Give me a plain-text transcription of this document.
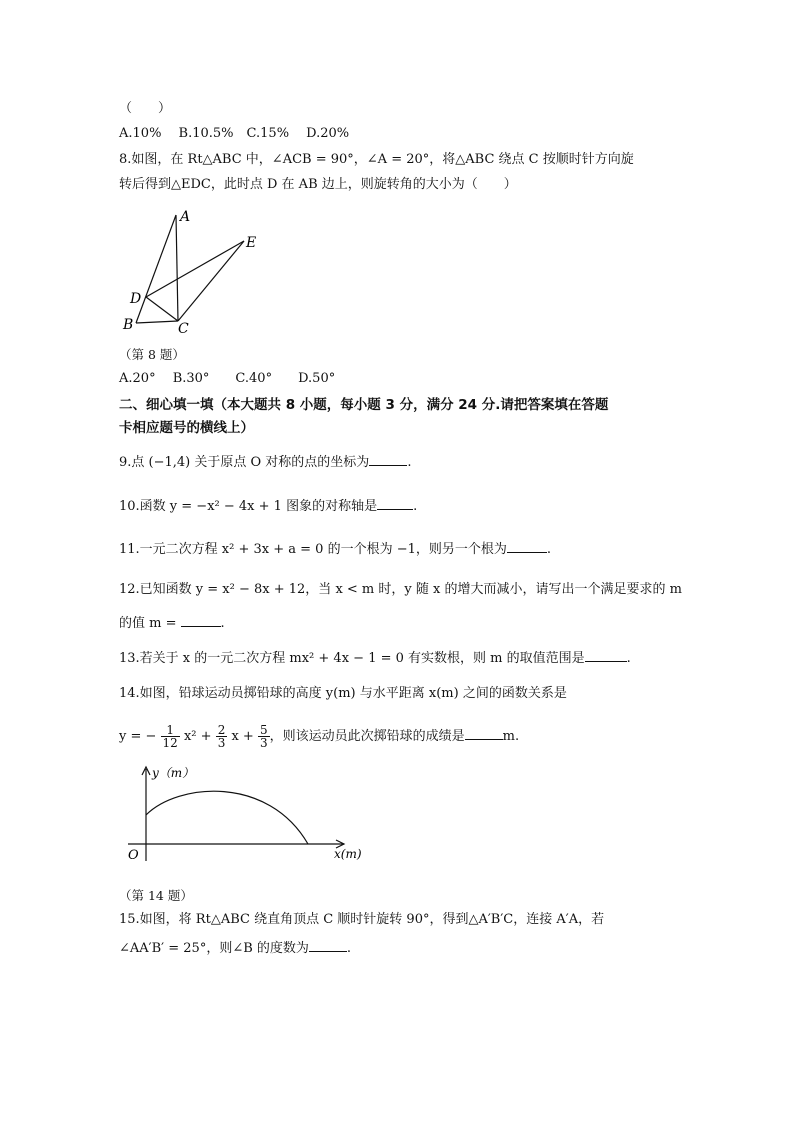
（　　）
A.10%　 B.10.5%　C.15%　 D.20%
8.如图，在 Rt△ABC 中，∠ACB = 90°，∠A = 20°，将△ABC 绕点 C 按顺时针方向旋
转后得到△EDC，此时点 D 在 AB 边上，则旋转角的大小为（　　）
A
E
D
B	C
（第 8 题）
A.20°　 B.30°　　C.40°　　D.50°
二、细心填一填（本大题共 8 小题，每小题 3 分，满分 24 分.请把答案填在答题
卡相应题号的横线上）
9.点 (−1,4) 关于原点 O 对称的点的坐标为	.
10.函数 y = −x² − 4x + 1 图象的对称轴是	.
11.一元二次方程 x² + 3x + a = 0 的一个根为 −1，则另一个根为	.
12.已知函数 y = x² − 8x + 12，当 x < m 时，y 随 x 的增大而减小，请写出一个满足要求的 m
的值 m =	.
13.若关于 x 的一元二次方程 mx² + 4x − 1 = 0 有实数根，则 m 的取值范围是	.
14.如图，铅球运动员掷铅球的高度 y(m) 与水平距离 x(m) 之间的函数关系是
y = − $\frac{1}{12} x^2 + \frac{2}{3}$ $x + \frac{5}{3}$ ，则该运动员此次掷铅球的成绩是	m.
y（m）
x(m)
O
（第 14 题）
15.如图，将 Rt△ABC 绕直角顶点 C 顺时针旋转 90°，得到△A′B′C，连接 A′A，若
∠AA′B′ = 25°，则∠B 的度数为	.
